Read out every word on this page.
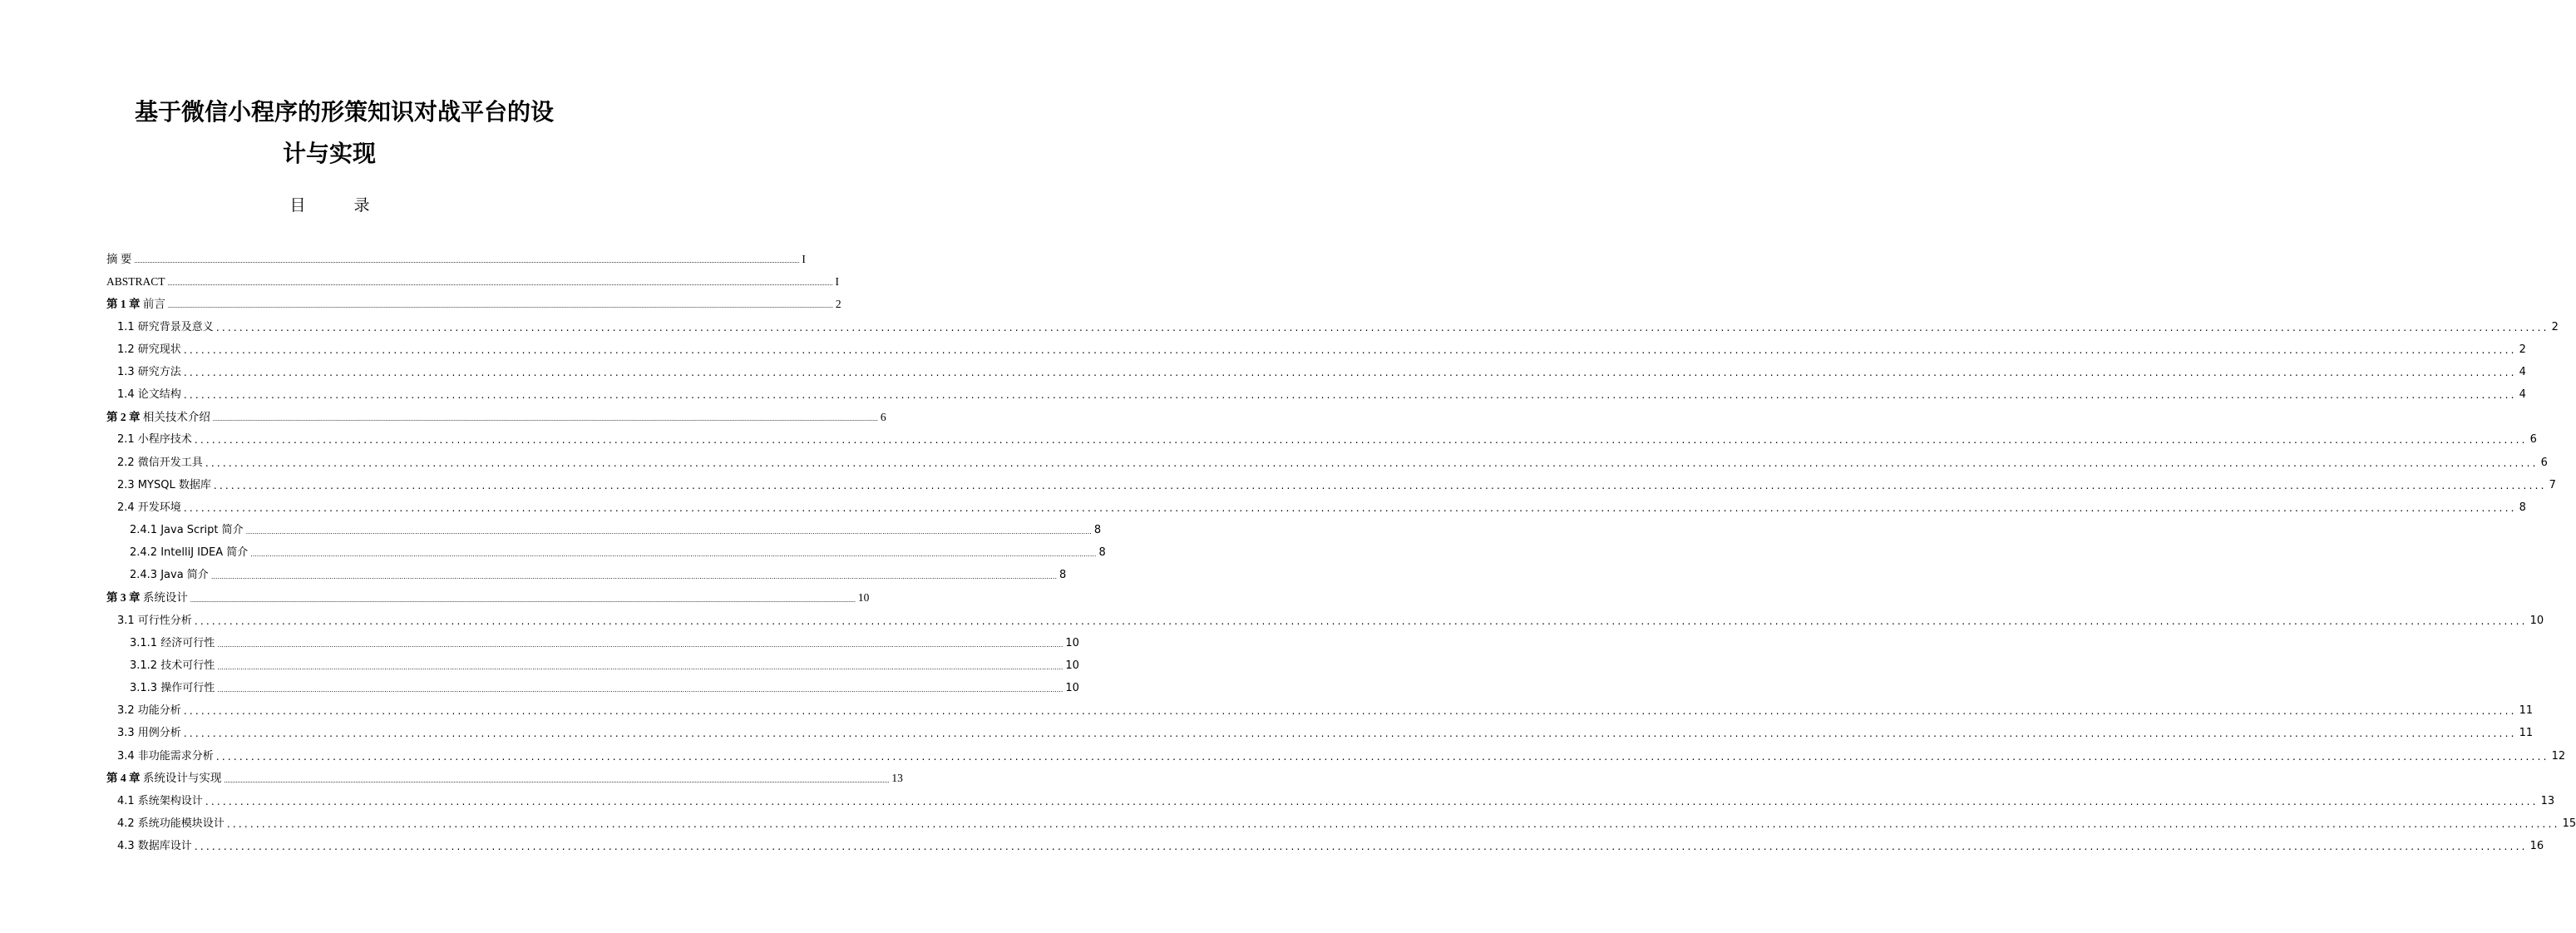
基于微信小程序的形策知识对战平台的设
计与实现
目 录
摘 要 ................................................................................................................................................................................................................................................................................................................................................................................................................ I
ABSTRACT ................................................................................................................................................................................................................................................................................................................................................................................................................ I
第 1 章 前言 ................................................................................................................................................................................................................................................................................................................................................................................................................ 2
1.1 研究背景及意义 ................................................................................................................................................................................................................................................................................................................................................................................................................ 2
1.2 研究现状 ................................................................................................................................................................................................................................................................................................................................................................................................................ 2
1.3 研究方法 ................................................................................................................................................................................................................................................................................................................................................................................................................ 4
1.4 论文结构 ................................................................................................................................................................................................................................................................................................................................................................................................................ 4
第 2 章 相关技术介绍 ................................................................................................................................................................................................................................................................................................................................................................................................................ 6
2.1 小程序技术 ................................................................................................................................................................................................................................................................................................................................................................................................................ 6
2.2 微信开发工具 ................................................................................................................................................................................................................................................................................................................................................................................................................ 6
2.3 MYSQL 数据库 ................................................................................................................................................................................................................................................................................................................................................................................................................ 7
2.4 开发环境 ................................................................................................................................................................................................................................................................................................................................................................................................................ 8
2.4.1 Java Script 简介 ................................................................................................................................................................................................................................................................................................................................................................................................................ 8
2.4.2 IntelliJ IDEA 简介 ................................................................................................................................................................................................................................................................................................................................................................................................................ 8
2.4.3 Java 简介 ................................................................................................................................................................................................................................................................................................................................................................................................................ 8
第 3 章 系统设计 ................................................................................................................................................................................................................................................................................................................................................................................................................ 10
3.1 可行性分析 ................................................................................................................................................................................................................................................................................................................................................................................................................ 10
3.1.1 经济可行性 ................................................................................................................................................................................................................................................................................................................................................................................................................ 10
3.1.2 技术可行性 ................................................................................................................................................................................................................................................................................................................................................................................................................ 10
3.1.3 操作可行性 ................................................................................................................................................................................................................................................................................................................................................................................................................ 10
3.2 功能分析 ................................................................................................................................................................................................................................................................................................................................................................................................................ 11
3.3 用例分析 ................................................................................................................................................................................................................................................................................................................................................................................................................ 11
3.4 非功能需求分析 ................................................................................................................................................................................................................................................................................................................................................................................................................ 12
第 4 章 系统设计与实现 ................................................................................................................................................................................................................................................................................................................................................................................................................ 13
4.1 系统架构设计 ................................................................................................................................................................................................................................................................................................................................................................................................................ 13
4.2 系统功能模块设计 ................................................................................................................................................................................................................................................................................................................................................................................................................ 15
4.3 数据库设计 ................................................................................................................................................................................................................................................................................................................................................................................................................ 16
